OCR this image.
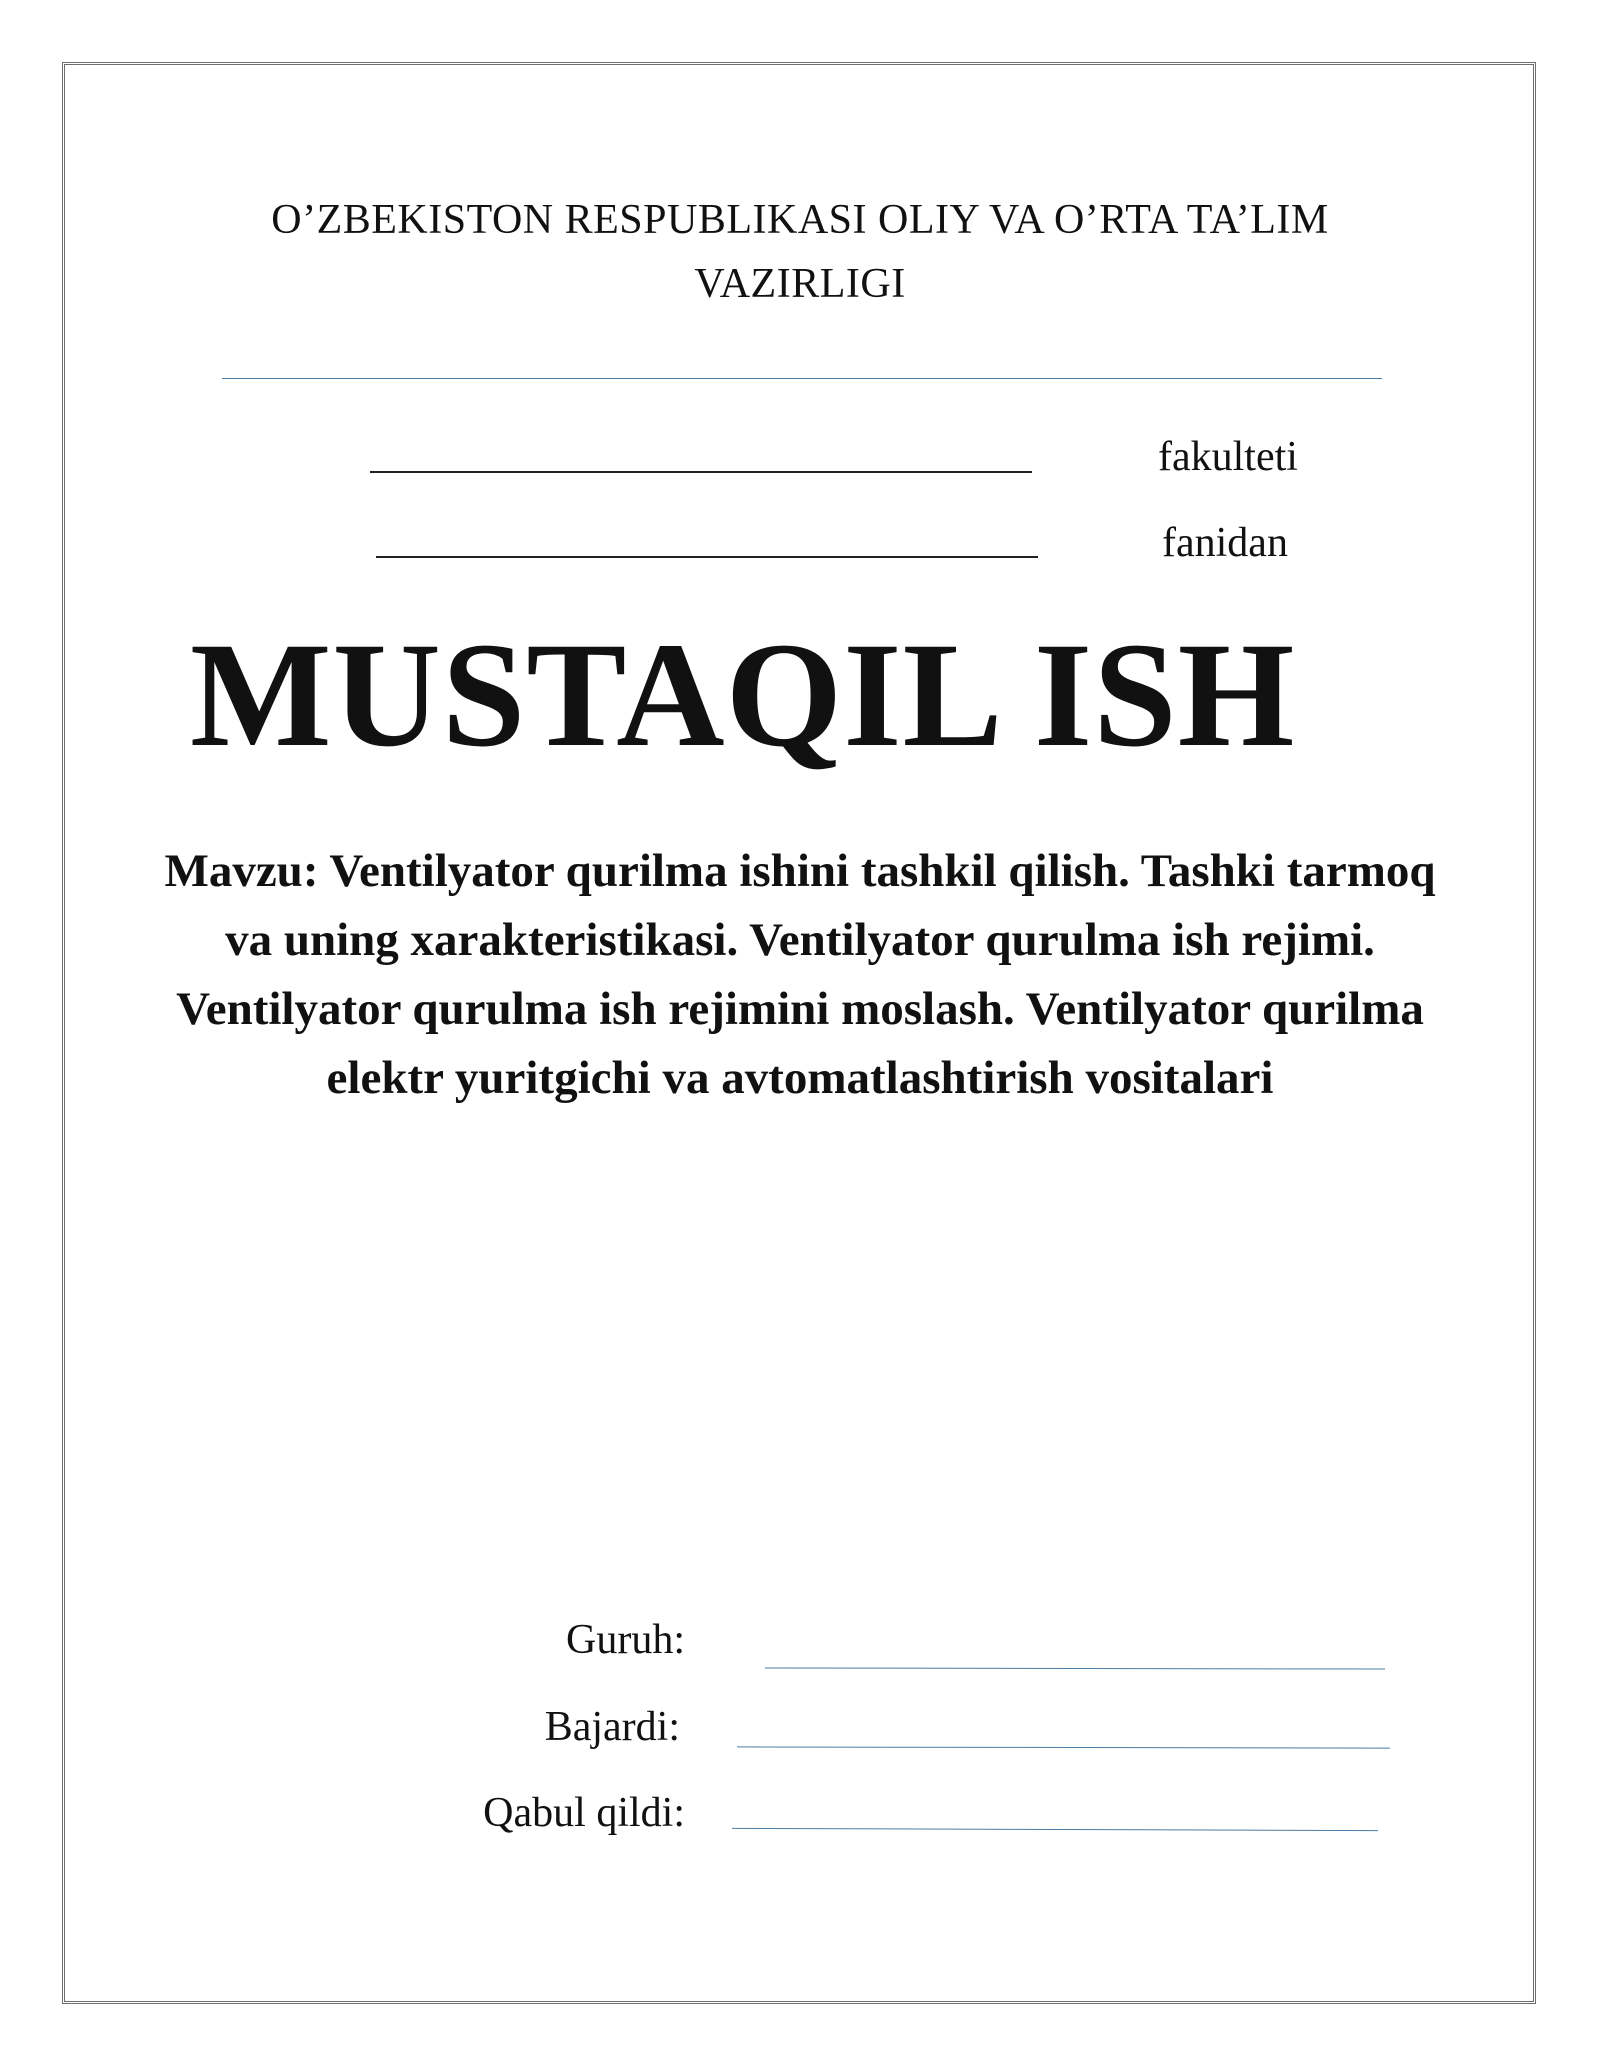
O’ZBEKISTON RESPUBLIKASI OLIY VA O’RTA TA’LIM
VAZIRLIGI
fakulteti
fanidan
MUSTAQIL ISH
Mavzu: Ventilyator qurilma ishini tashkil qilish. Tashki tarmoq va uning xarakteristikasi. Ventilyator qurulma ish rejimi. Ventilyator qurulma ish rejimini moslash. Ventilyator qurilma elektr yuritgichi va avtomatlashtirish vositalari
Guruh:
Bajardi:
Qabul qildi:
